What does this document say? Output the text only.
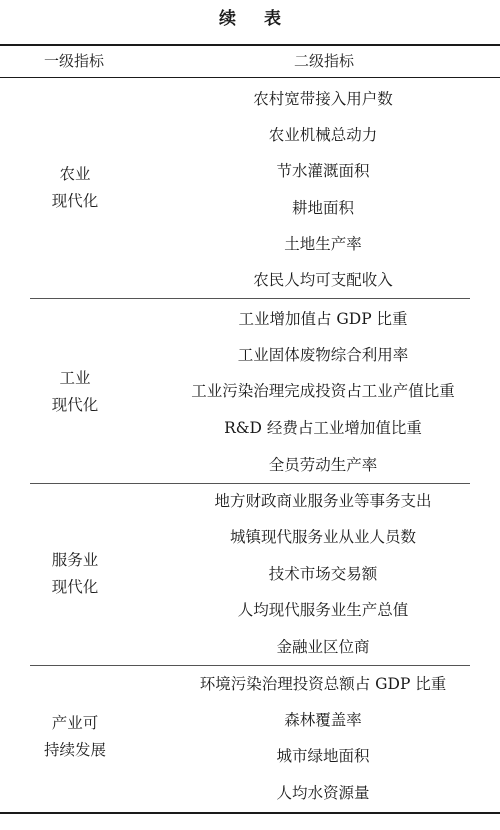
续表
一级指标	二级指标
农业
现代化
农村宽带接入用户数
农业机械总动力
节水灌溉面积
耕地面积
土地生产率
农民人均可支配收入
工业
现代化
工业增加值占 GDP 比重
工业固体废物综合利用率
工业污染治理完成投资占工业产值比重
R&D 经费占工业增加值比重
全员劳动生产率
服务业
现代化
地方财政商业服务业等事务支出
城镇现代服务业从业人员数
技术市场交易额
人均现代服务业生产总值
金融业区位商
产业可
持续发展
环境污染治理投资总额占 GDP 比重
森林覆盖率
城市绿地面积
人均水资源量
